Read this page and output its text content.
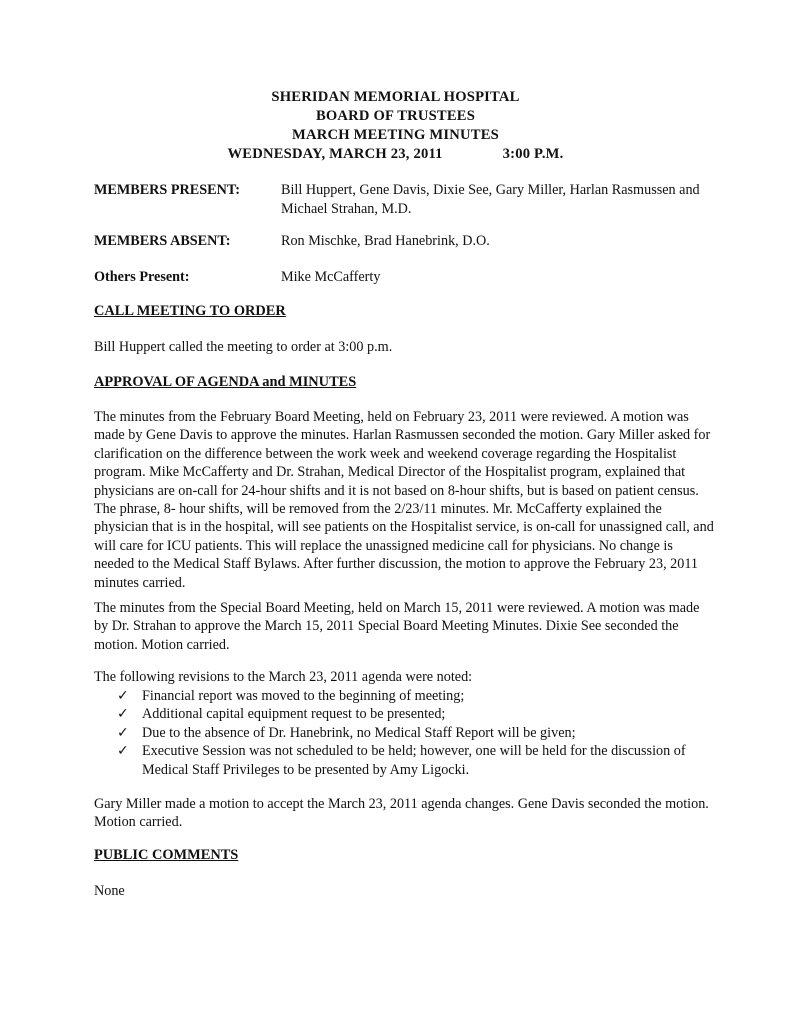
SHERIDAN MEMORIAL HOSPITAL
BOARD OF TRUSTEES
MARCH MEETING MINUTES
WEDNESDAY, MARCH 23, 2011	3:00 P.M.
MEMBERS PRESENT:	Bill Huppert, Gene Davis, Dixie See, Gary Miller, Harlan Rasmussen and Michael Strahan, M.D.
MEMBERS ABSENT:	Ron Mischke, Brad Hanebrink, D.O.
Others Present:	Mike McCafferty
CALL MEETING TO ORDER

Bill Huppert called the meeting to order at 3:00 p.m.

APPROVAL OF AGENDA and MINUTES

The minutes from the February Board Meeting, held on February 23, 2011 were reviewed. A motion was made by Gene Davis to approve the minutes. Harlan Rasmussen seconded the motion. Gary Miller asked for clarification on the difference between the work week and weekend coverage regarding the Hospitalist program. Mike McCafferty and Dr. Strahan, Medical Director of the Hospitalist program, explained that physicians are on-call for 24-hour shifts and it is not based on 8-hour shifts, but is based on patient census. The phrase, 8- hour shifts, will be removed from the 2/23/11 minutes. Mr. McCafferty explained the physician that is in the hospital, will see patients on the Hospitalist service, is on-call for unassigned call, and will care for ICU patients. This will replace the unassigned medicine call for physicians. No change is needed to the Medical Staff Bylaws. After further discussion, the motion to approve the February 23, 2011 minutes carried.

The minutes from the Special Board Meeting, held on March 15, 2011 were reviewed. A motion was made by Dr. Strahan to approve the March 15, 2011 Special Board Meeting Minutes. Dixie See seconded the motion. Motion carried.

The following revisions to the March 23, 2011 agenda were noted:

✓ Financial report was moved to the beginning of meeting;
✓ Additional capital equipment request to be presented;
✓ Due to the absence of Dr. Hanebrink, no Medical Staff Report will be given;
✓ Executive Session was not scheduled to be held; however, one will be held for the discussion of Medical Staff Privileges to be presented by Amy Ligocki.

Gary Miller made a motion to accept the March 23, 2011 agenda changes. Gene Davis seconded the motion. Motion carried.

PUBLIC COMMENTS

None
